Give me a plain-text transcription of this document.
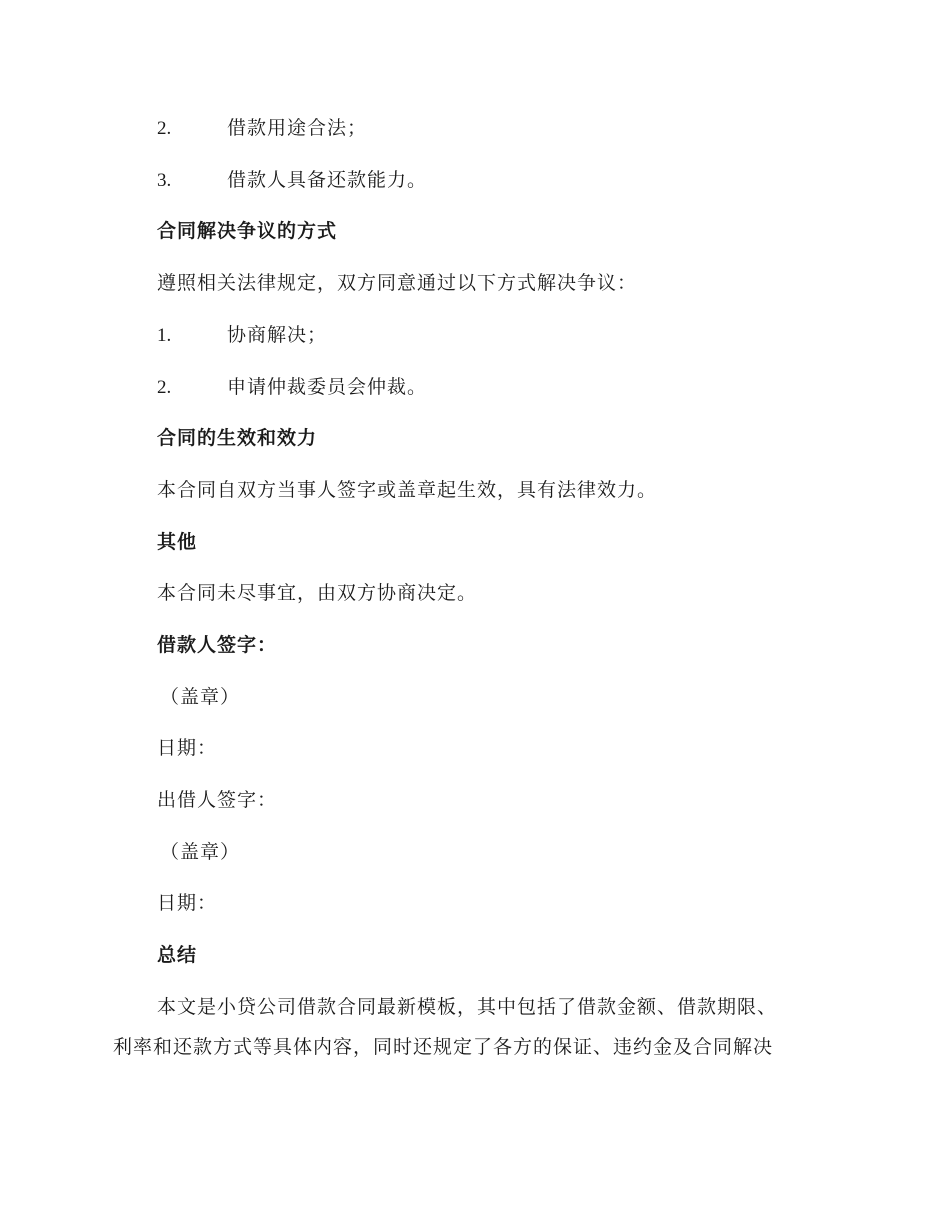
2.	借款用途合法；
3.	借款人具备还款能力。
合同解决争议的方式
遵照相关法律规定，双方同意通过以下方式解决争议：
1.	协商解决；
2.	申请仲裁委员会仲裁。
合同的生效和效力
本合同自双方当事人签字或盖章起生效，具有法律效力。
其他
本合同未尽事宜，由双方协商决定。
借款人签字：
（盖章）
日期：
出借人签字：
（盖章）
日期：
总结
本文是小贷公司借款合同最新模板，其中包括了借款金额、借款期限、
利率和还款方式等具体内容，同时还规定了各方的保证、违约金及合同解决
